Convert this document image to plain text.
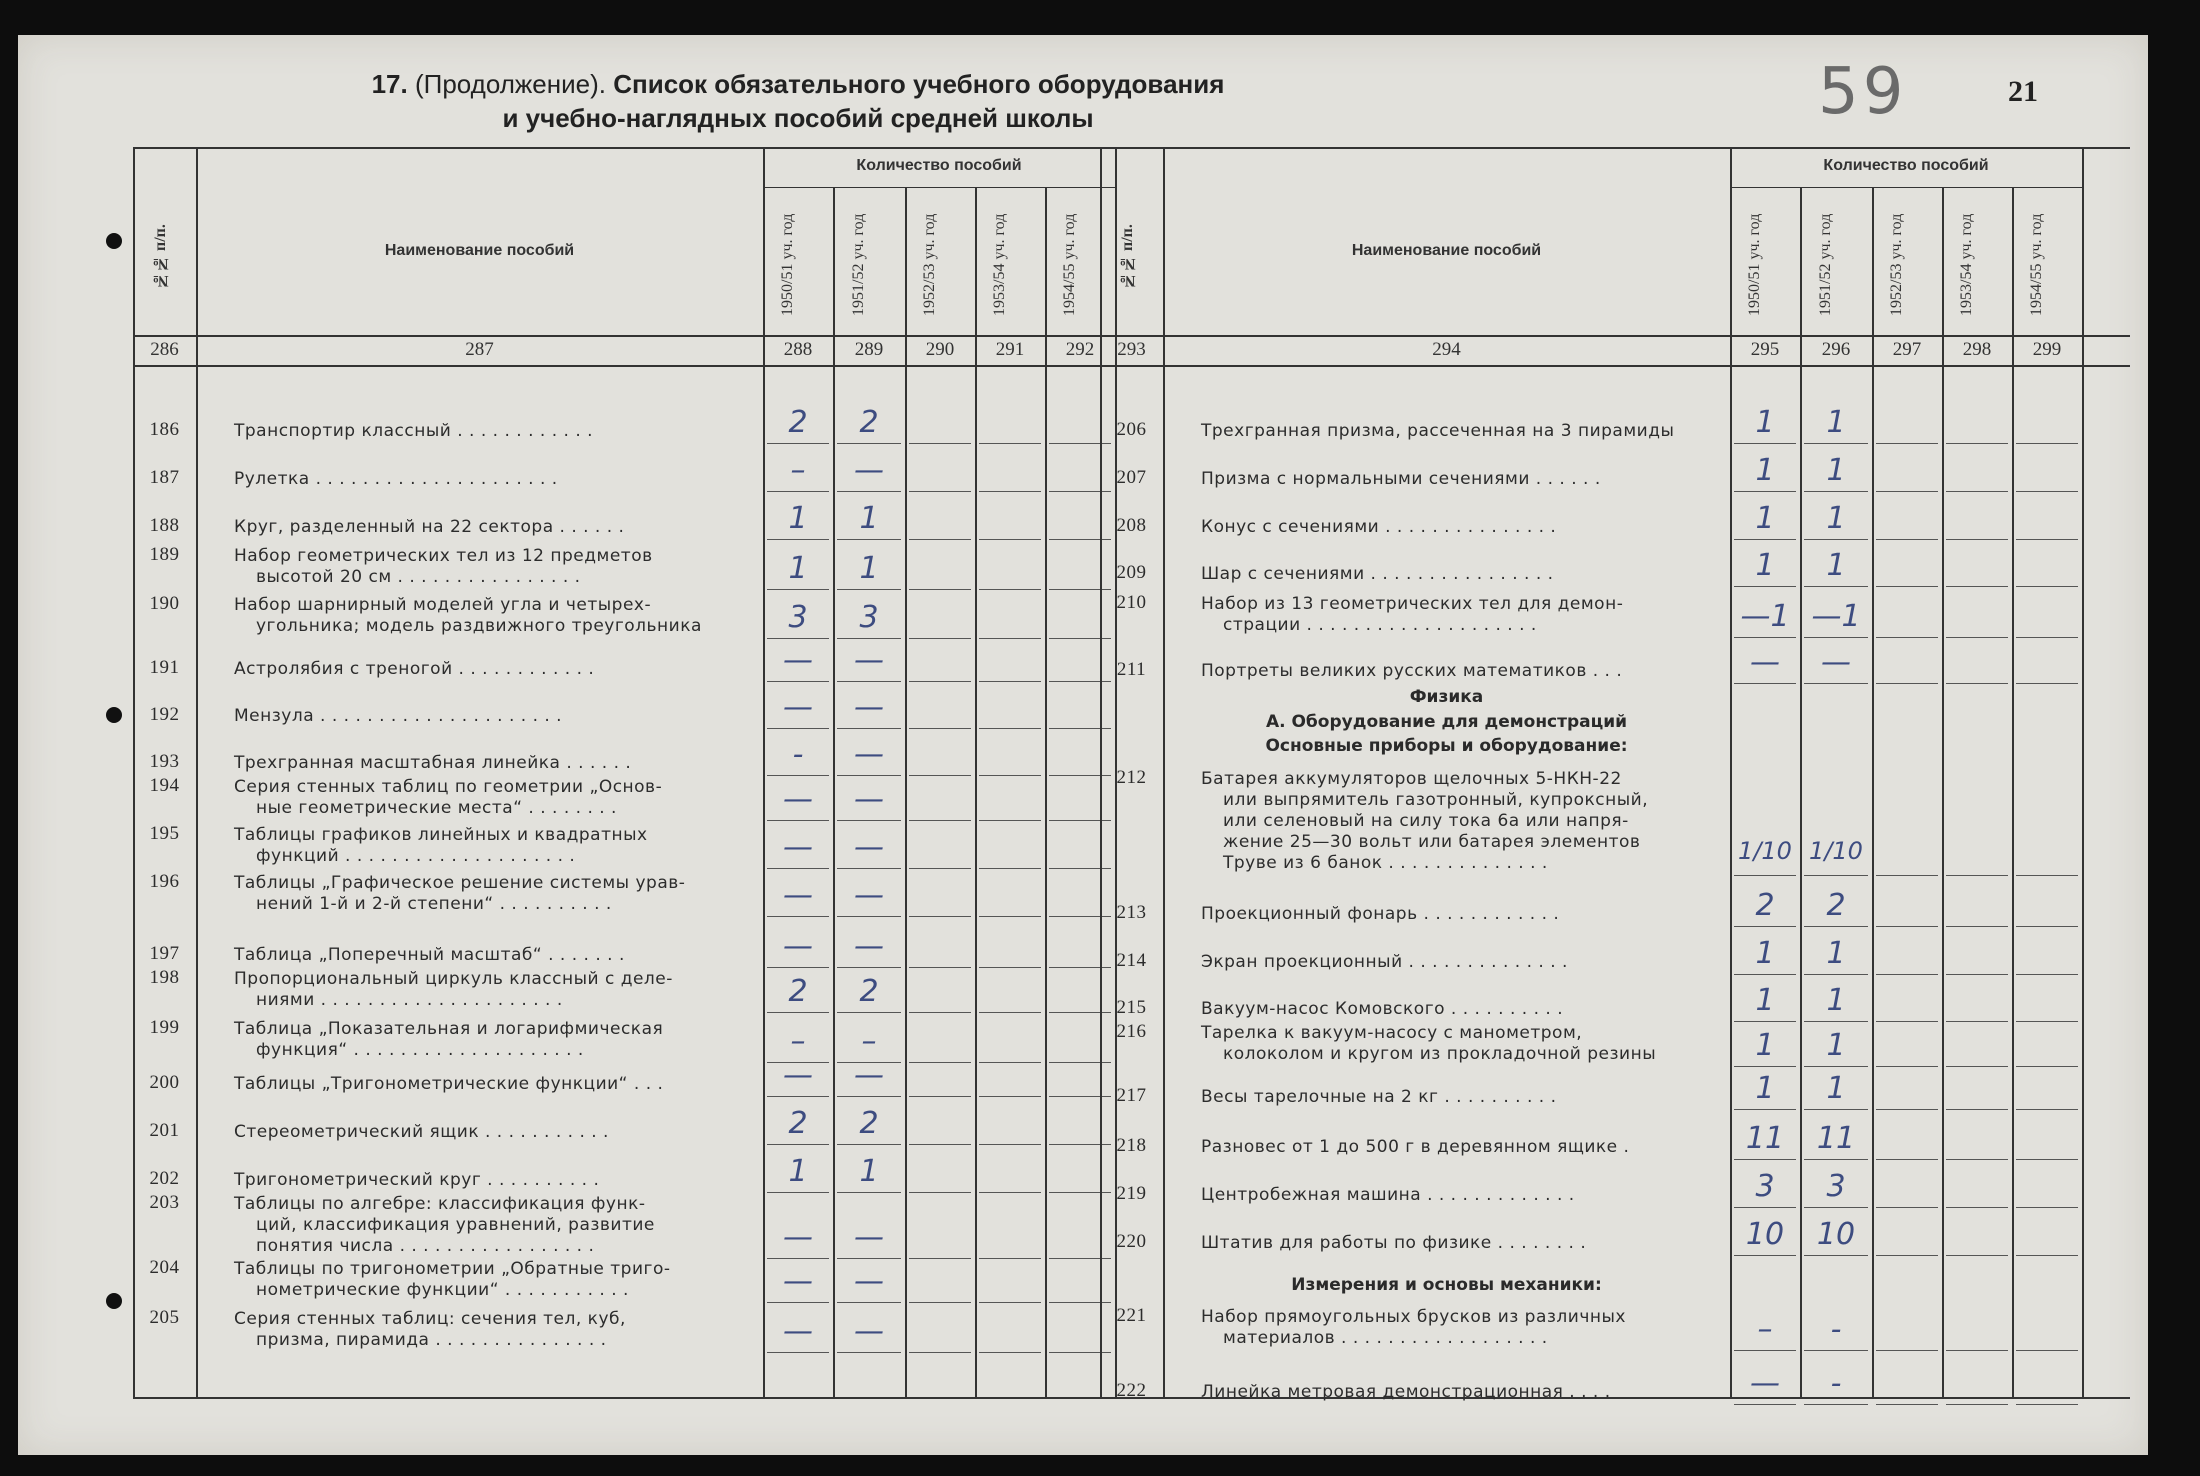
17. (Продолжение). Список обязательного учебного оборудования
и учебно-наглядных пособий средней школы	59	21
№№ п/п.	Наименование пособий
Количество пособий
1950/51 уч. год	1951/52 уч. год	1952/53 уч. год	1953/54 уч. год	1954/55 уч. год
286	287	288	289	290	291	292
186	Транспортир классный . . . . . . . . . . . .	2	2
187	Рулетка . . . . . . . . . . . . . . . . . . . . .	–	—
188	Круг, разделенный на 22 сектора . . . . . .	1	1
189	Набор геометрических тел из 12 предметов
высотой 20 см . . . . . . . . . . . . . . . .	1	1
190	Набор шарнирный моделей угла и четырех-
угольника; модель раздвижного треугольника	3	3
191	Астролябия с треногой . . . . . . . . . . . .	—	—
192	Мензула . . . . . . . . . . . . . . . . . . . . .	—	—
193	Трехгранная масштабная линейка . . . . . .	-	—
194	Серия стенных таблиц по геометрии „Основ-
ные геометрические места“ . . . . . . . .	—	—
195	Таблицы графиков линейных и квадратных
функций . . . . . . . . . . . . . . . . . . . .	—	—
196	Таблицы „Графическое решение системы урав-
нений 1-й и 2-й степени“ . . . . . . . . . .	—	—
197	Таблица „Поперечный масштаб“ . . . . . . .	—	—
198	Пропорциональный циркуль классный с деле-
ниями . . . . . . . . . . . . . . . . . . . . .	2	2
199	Таблица „Показательная и логарифмическая
функция“ . . . . . . . . . . . . . . . . . . . .	–	–
200	Таблицы „Тригонометрические функции“ . . .	—	—
201	Стереометрический ящик . . . . . . . . . . .	2	2
202	Тригонометрический круг . . . . . . . . . .	1	1
203	Таблицы по алгебре: классификация функ-
ций, классификация уравнений, развитие
понятия числа . . . . . . . . . . . . . . . . .	—	—
204	Таблицы по тригонометрии „Обратные триго-
нометрические функции“ . . . . . . . . . . .	—	—
205	Серия стенных таблиц: сечения тел, куб,
призма, пирамида . . . . . . . . . . . . . . .	—	—
№№ п/п.	Наименование пособий
Количество пособий
1950/51 уч. год	1951/52 уч. год	1952/53 уч. год	1953/54 уч. год	1954/55 уч. год
293	294	295	296	297	298	299
206	Трехгранная призма, рассеченная на 3 пирамиды	1	1
207	Призма с нормальными сечениями . . . . . .	1	1
208	Конус с сечениями . . . . . . . . . . . . . . .	1	1
209	Шар с сечениями . . . . . . . . . . . . . . . .	1	1
210	Набор из 13 геометрических тел для демон-
страции . . . . . . . . . . . . . . . . . . . .	—1 —1
211	Портреты великих русских математиков . . .	—	—
212	Батарея аккумуляторов щелочных 5-НКН-22
или выпрямитель газотронный, купроксный,
или селеновый на силу тока 6а или напря-
жение 25—30 вольт или батарея элементов
Труве из 6 банок . . . . . . . . . . . . . .	1/10 1/10
213	Проекционный фонарь . . . . . . . . . . . .	2	2
214	Экран проекционный . . . . . . . . . . . . . .	1	1
215	Вакуум-насос Комовского . . . . . . . . . .	1	1
216	Тарелка к вакуум-насосу с манометром,
колоколом и кругом из прокладочной резины	1	1
217	Весы тарелочные на 2 кг . . . . . . . . . .	1	1
218	Разновес от 1 до 500 г в деревянном ящике .	11	11
219	Центробежная машина . . . . . . . . . . . . .	3	3
220	Штатив для работы по физике . . . . . . . .	10	10
221	Набор прямоугольных брусков из различных
материалов . . . . . . . . . . . . . . . . . .	–	-
222	Линейка метровая демонстрационная . . . .	—	-
Физика
А. Оборудование для демонстраций
Основные приборы и оборудование:
Измерения и основы механики:
